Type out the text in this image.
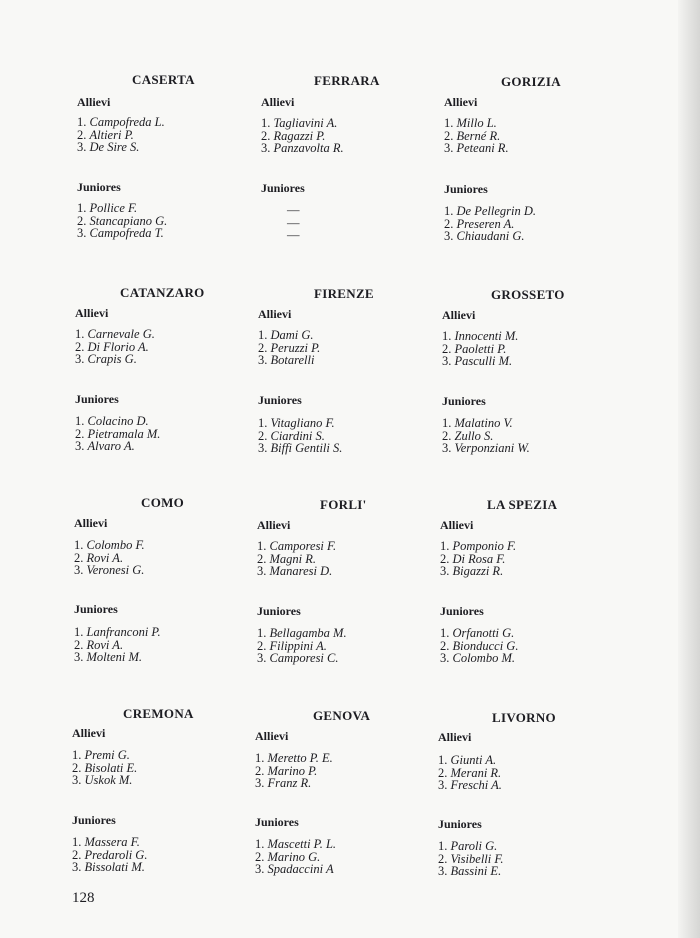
CASERTA
Allievi
1. Campofreda L.
2. Altieri P.
3. De Sire S.
Juniores
1. Pollice F.
2. Stancapiano G.
3. Campofreda T.
FERRARA
Allievi
1. Tagliavini A.
2. Ragazzi P.
3. Panzavolta R.
Juniores
—
—
—
GORIZIA
Allievi
1. Millo L.
2. Berné R.
3. Peteani R.
Juniores
1. De Pellegrin D.
2. Preseren A.
3. Chiaudani G.
CATANZARO
Allievi
1. Carnevale G.
2. Di Florio A.
3. Crapis G.
Juniores
1. Colacino D.
2. Pietramala M.
3. Alvaro A.
FIRENZE
Allievi
1. Dami G.
2. Peruzzi P.
3. Botarelli
Juniores
1. Vitagliano F.
2. Ciardini S.
3. Biffi Gentili S.
GROSSETO
Allievi
1. Innocenti M.
2. Paoletti P.
3. Pasculli M.
Juniores
1. Malatino V.
2. Zullo S.
3. Verponziani W.
COMO
Allievi
1. Colombo F.
2. Rovi A.
3. Veronesi G.
Juniores
1. Lanfranconi P.
2. Rovi A.
3. Molteni M.
FORLI'
Allievi
1. Camporesi F.
2. Magni R.
3. Manaresi D.
Juniores
1. Bellagamba M.
2. Filippini A.
3. Camporesi C.
LA SPEZIA
Allievi
1. Pomponio F.
2. Di Rosa F.
3. Bigazzi R.
Juniores
1. Orfanotti G.
2. Bionducci G.
3. Colombo M.
CREMONA
Allievi
1. Premi G.
2. Bisolati E.
3. Uskok M.
Juniores
1. Massera F.
2. Predaroli G.
3. Bissolati M.
GENOVA
Allievi
1. Meretto P. E.
2. Marino P.
3. Franz R.
Juniores
1. Mascetti P. L.
2. Marino G.
3. Spadaccini A
LIVORNO
Allievi
1. Giunti A.
2. Merani R.
3. Freschi A.
Juniores
1. Paroli G.
2. Visibelli F.
3. Bassini E.
128
